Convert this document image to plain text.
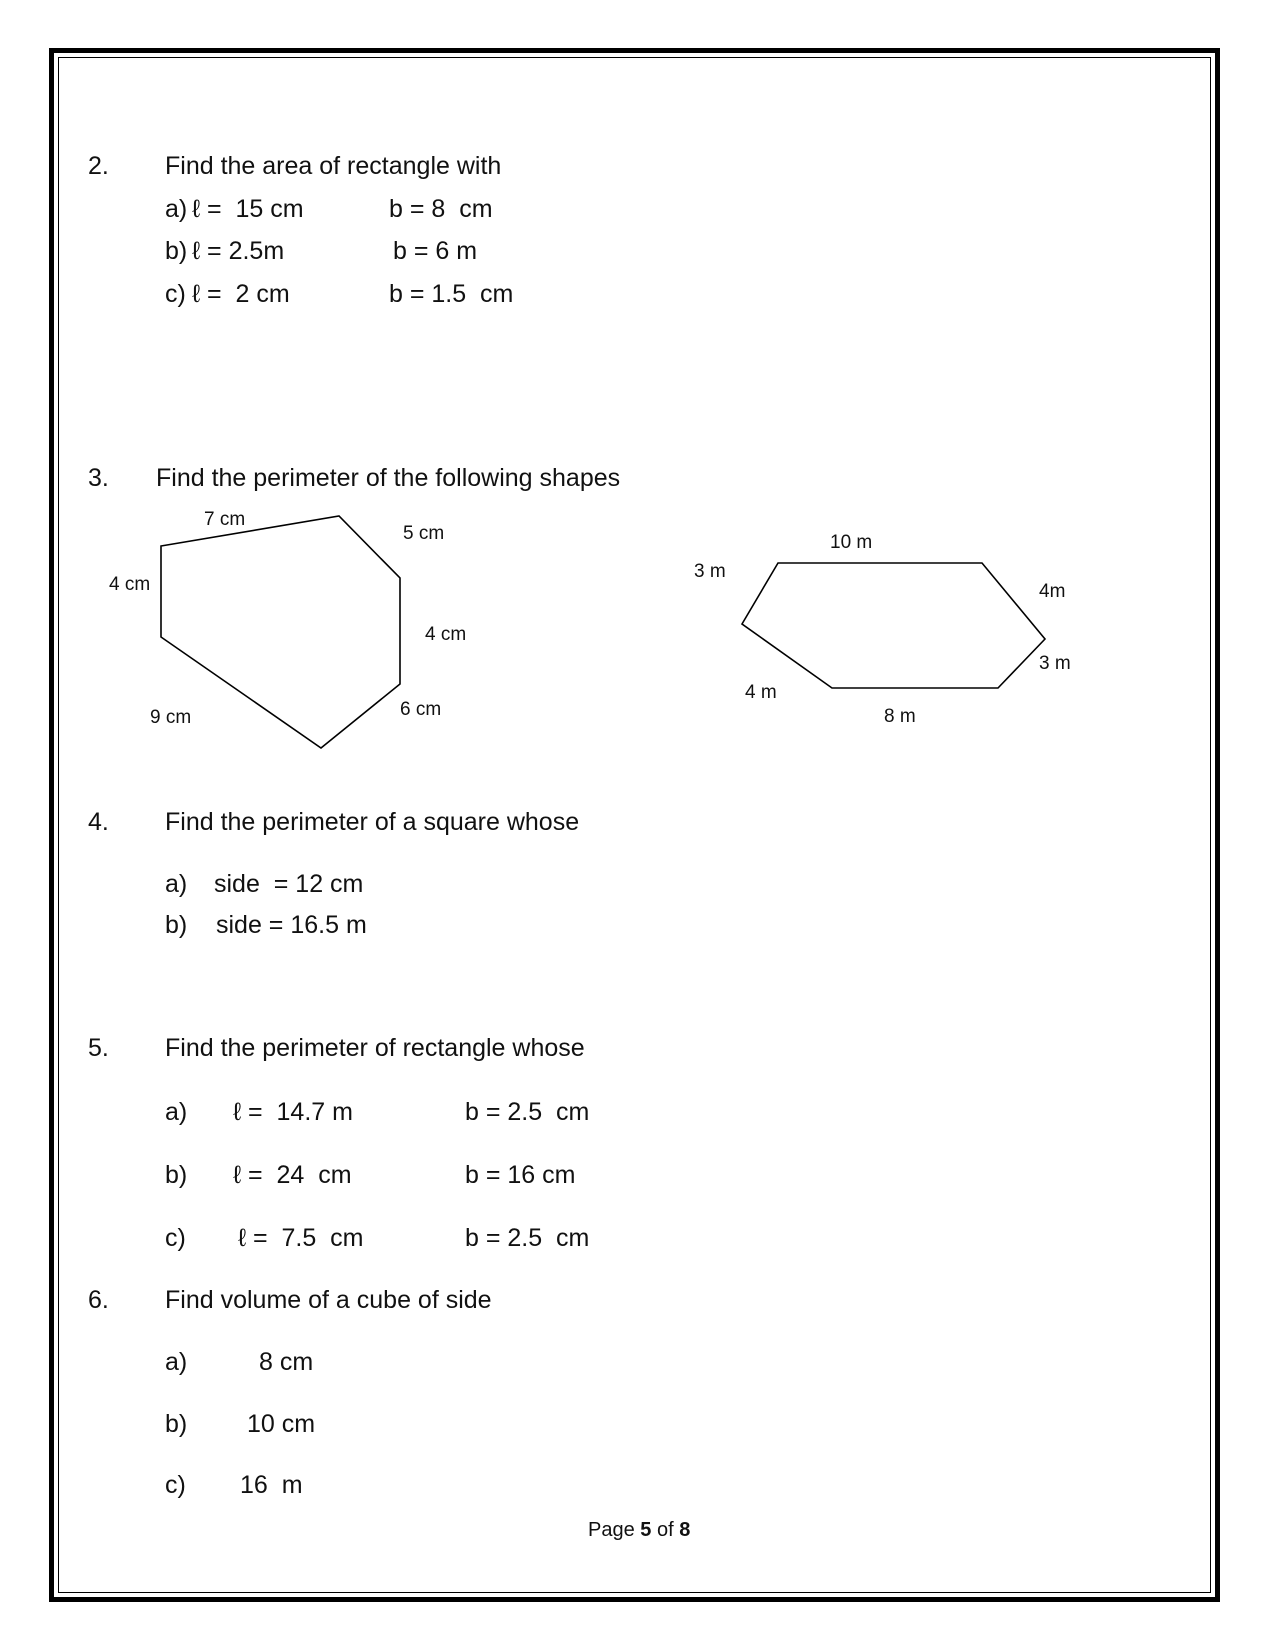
2. Find the area of rectangle with
a) ℓ =  15 cm	b = 8  cm
b) ℓ = 2.5m	b = 6 m
c) ℓ =  2 cm	b = 1.5  cm
3. Find the perimeter of the following shapes
7 cm
5 cm
4 cm
4 cm
6 cm
9 cm
10 m
3 m
4m
3 m
4 m
8 m
4. Find the perimeter of a square whose
a) side  = 12 cm
b) side = 16.5 m
5. Find the perimeter of rectangle whose
a) ℓ =  14.7 m	b = 2.5  cm
b) ℓ =  24  cm	b = 16 cm
c) ℓ =  7.5  cm	b = 2.5  cm
6. Find volume of a cube of side
a)	8 cm
b) 10 cm
c) 16  m
Page 5 of 8
